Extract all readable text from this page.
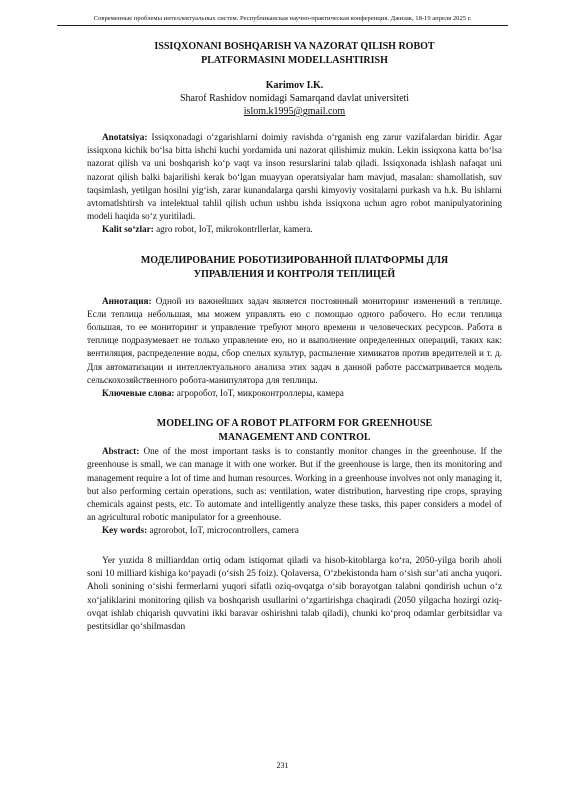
Современные проблемы интеллектуальных систем. Республиканская научно-практическая конференция. Джизак, 18-19 апреля 2025 г.

ISSIQXONANI BOSHQARISH VA NAZORAT QILISH ROBOT

PLATFORMASINI MODELLASHTIRISH

Karimov I.K.
Sharof Rashidov nomidagi Samarqand davlat universiteti
islom.k1995@gmail.com

Anotatsiya: Issiqxonadagi o‘zgarishlarni doimiy ravishda o‘rganish eng zarur vazifalardan biridir. Agar issiqxona kichik bo‘lsa bitta ishchi kuchi yordamida uni nazorat qilishimiz mukin. Lekin issiqxona katta bo‘lsa nazorat qilish va uni boshqarish ko‘p vaqt va inson resurslarini talab qiladi. Issiqxonada ishlash nafaqat uni nazorat qilish balki bajarilishi kerak bo‘lgan muayyan operatsiyalar ham mavjud, masalan: shamollatish, suv taqsimlash, yetilgan hosilni yig‘ish, zarar kunandalarga qarshi kimyoviy vositalarni purkash va h.k. Bu ishlarni avtomatlshtirsh va intelektual tahlil qilish uchun ushbu ishda issiqxona uchun agro robot manipulyatorining modeli haqida so‘z yuritiladi.

Kalit so‘zlar: agro robot, IoT, mikrokontrllerlar, kamera.

МОДЕЛИРОВАНИЕ РОБОТИЗИРОВАННОЙ ПЛАТФОРМЫ ДЛЯ

УПРАВЛЕНИЯ И КОНТРОЛЯ ТЕПЛИЦЕЙ

Аннотация: Одной из важнейших задач является постоянный мониторинг изменений в теплице. Если теплица небольшая, мы можем управлять ею с помощью одного рабочего. Но если теплица большая, то ее мониторинг и управление требуют много времени и человеческих ресурсов. Работа в теплице подразумевает не только управление ею, но и выполнение определенных операций, таких как: вентиляция, распределение воды, сбор спелых культур, распыление химикатов против вредителей и т. д. Для автоматизации и интеллектуального анализа этих задач в данной работе рассматривается модель сельскохозяйственного робота-манипулятора для теплицы.

Ключевые слова: агроробот, IoT, микроконтроллеры, камера

MODELING OF A ROBOT PLATFORM FOR GREENHOUSE

MANAGEMENT AND CONTROL

Abstract: One of the most important tasks is to constantly monitor changes in the greenhouse. If the greenhouse is small, we can manage it with one worker. But if the greenhouse is large, then its monitoring and management require a lot of time and human resources. Working in a greenhouse involves not only managing it, but also performing certain operations, such as: ventilation, water distribution, harvesting ripe crops, spraying chemicals against pests, etc. To automate and intelligently analyze these tasks, this paper considers a model of an agricultural robotic manipulator for a greenhouse.

Key words: agrorobot, IoT, microcontrollers, camera

Yer yuzida 8 milliarddan ortiq odam istiqomat qiladi va hisob-kitoblarga ko‘ra, 2050-yilga borib aholi soni 10 milliard kishiga ko‘payadi (o‘sish 25 foiz). Qolaversa, O‘zbekistonda ham o‘sish sur’ati ancha yuqori. Aholi sonining o‘sishi fermerlarni yuqori sifatli oziq-ovqatga o‘sib borayotgan talabni qondirish uchun o‘z xo‘jaliklarini monitoring qilish va boshqarish usullarini o‘zgartirishga chaqiradi (2050 yilgacha hozirgi oziq-ovqat ishlab chiqarish quvvatini ikki baravar oshirishni talab qiladi), chunki ko‘proq odamlar gerbitsidlar va pestitsidlar qo‘shilmasdan

231
